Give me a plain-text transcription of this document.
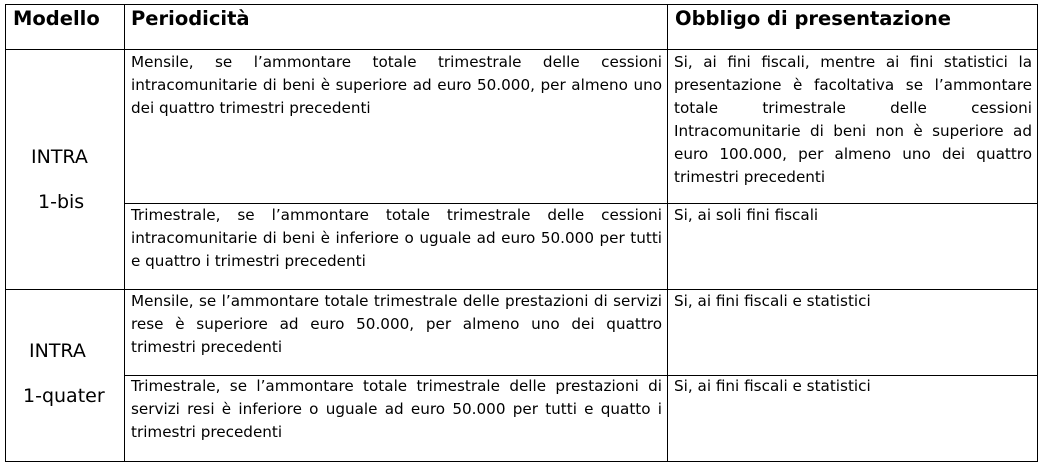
Modello Periodicità	Obbligo di presentazione
INTRA
1-bis
Mensile, se l’ammontare totale trimestrale delle cessioni intracomunitarie di beni è superiore ad euro 50.000, per almeno uno dei quattro trimestri precedenti
Si, ai fini fiscali, mentre ai fini statistici la presentazione è facoltativa se l’ammontare totale trimestrale delle cessioni Intracomunitarie di beni non è superiore ad euro 100.000, per almeno uno dei quattro trimestri precedenti
Trimestrale, se l’ammontare totale trimestrale delle cessioni intracomunitarie di beni è inferiore o uguale ad euro 50.000 per tutti e quattro i trimestri precedenti
Si, ai soli fini fiscali
INTRA
1-quater
Mensile, se l’ammontare totale trimestrale delle prestazioni di servizi rese è superiore ad euro 50.000, per almeno uno dei quattro trimestri precedenti
Si, ai fini fiscali e statistici
Trimestrale, se l’ammontare totale trimestrale delle prestazioni di servizi resi è inferiore o uguale ad euro 50.000 per tutti e quatto i trimestri precedenti
Si, ai fini fiscali e statistici
